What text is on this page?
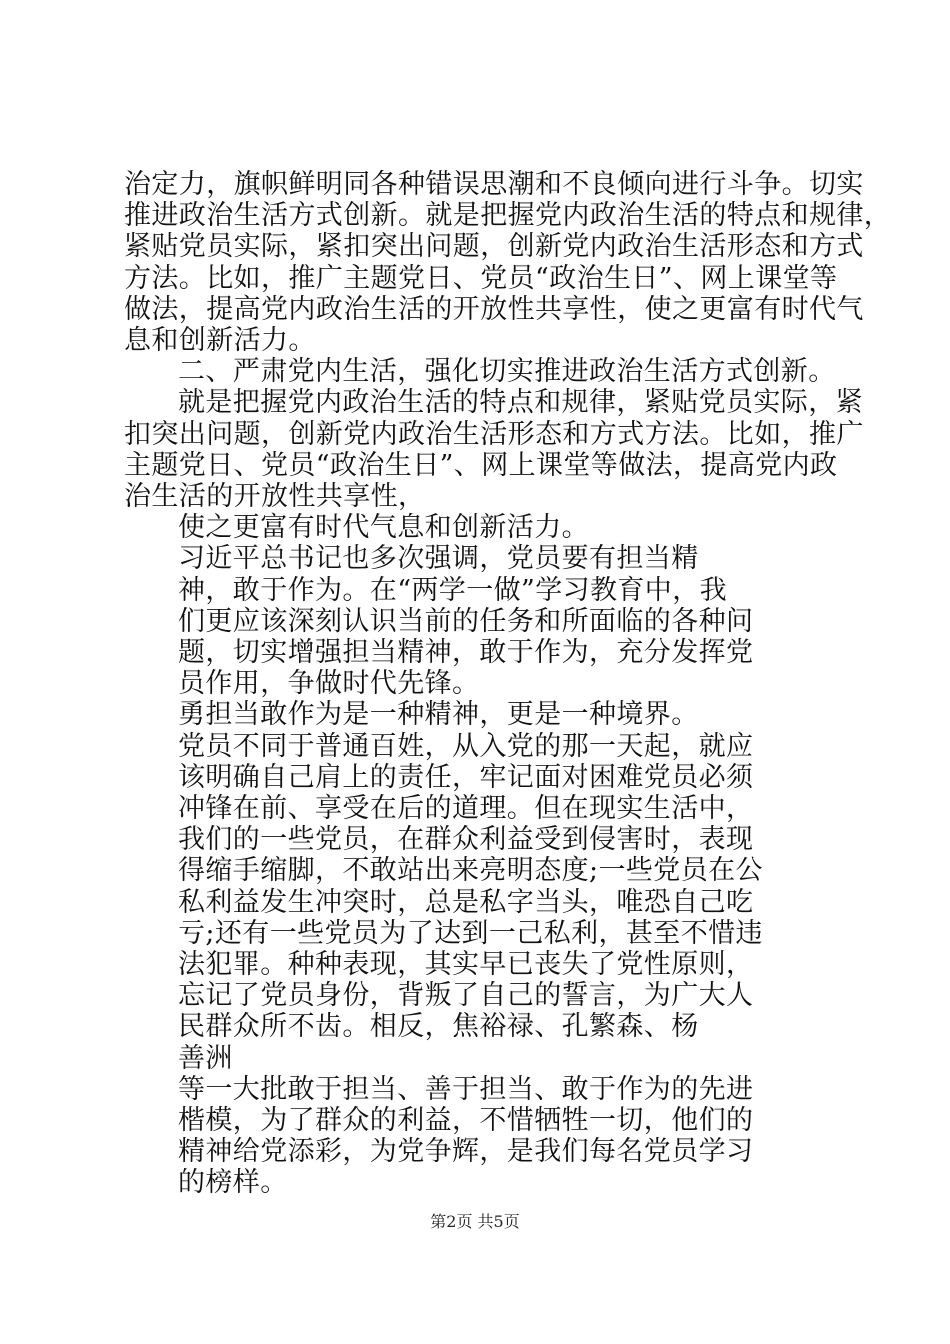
第2页 共5页
治定力，旗帜鲜明同各种错误思潮和不良倾向进行斗争。切实
推进政治生活方式创新。就是把握党内政治生活的特点和规律，
紧贴党员实际，紧扣突出问题，创新党内政治生活形态和方式
方法。比如，推广主题党日、党员“政治生日”、网上课堂等
做法，提高党内政治生活的开放性共享性，使之更富有时代气
息和创新活力。
二、严肃党内生活，强化切实推进政治生活方式创新。
就是把握党内政治生活的特点和规律，紧贴党员实际，紧
扣突出问题，创新党内政治生活形态和方式方法。比如，推广
主题党日、党员“政治生日”、网上课堂等做法，提高党内政
治生活的开放性共享性，
使之更富有时代气息和创新活力。
习近平总书记也多次强调，党员要有担当精
神，敢于作为。在“两学一做”学习教育中，我
们更应该深刻认识当前的任务和所面临的各种问
题，切实增强担当精神，敢于作为，充分发挥党
员作用，争做时代先锋。
勇担当敢作为是一种精神，更是一种境界。
党员不同于普通百姓，从入党的那一天起，就应
该明确自己肩上的责任，牢记面对困难党员必须
冲锋在前、享受在后的道理。但在现实生活中，
我们的一些党员，在群众利益受到侵害时，表现
得缩手缩脚，不敢站出来亮明态度;一些党员在公
私利益发生冲突时，总是私字当头，唯恐自己吃
亏;还有一些党员为了达到一己私利，甚至不惜违
法犯罪。种种表现，其实早已丧失了党性原则，
忘记了党员身份，背叛了自己的誓言，为广大人
民群众所不齿。相反，焦裕禄、孔繁森、杨
善洲
等一大批敢于担当、善于担当、敢于作为的先进
楷模，为了群众的利益，不惜牺牲一切，他们的
精神给党添彩，为党争辉，是我们每名党员学习
的榜样。
